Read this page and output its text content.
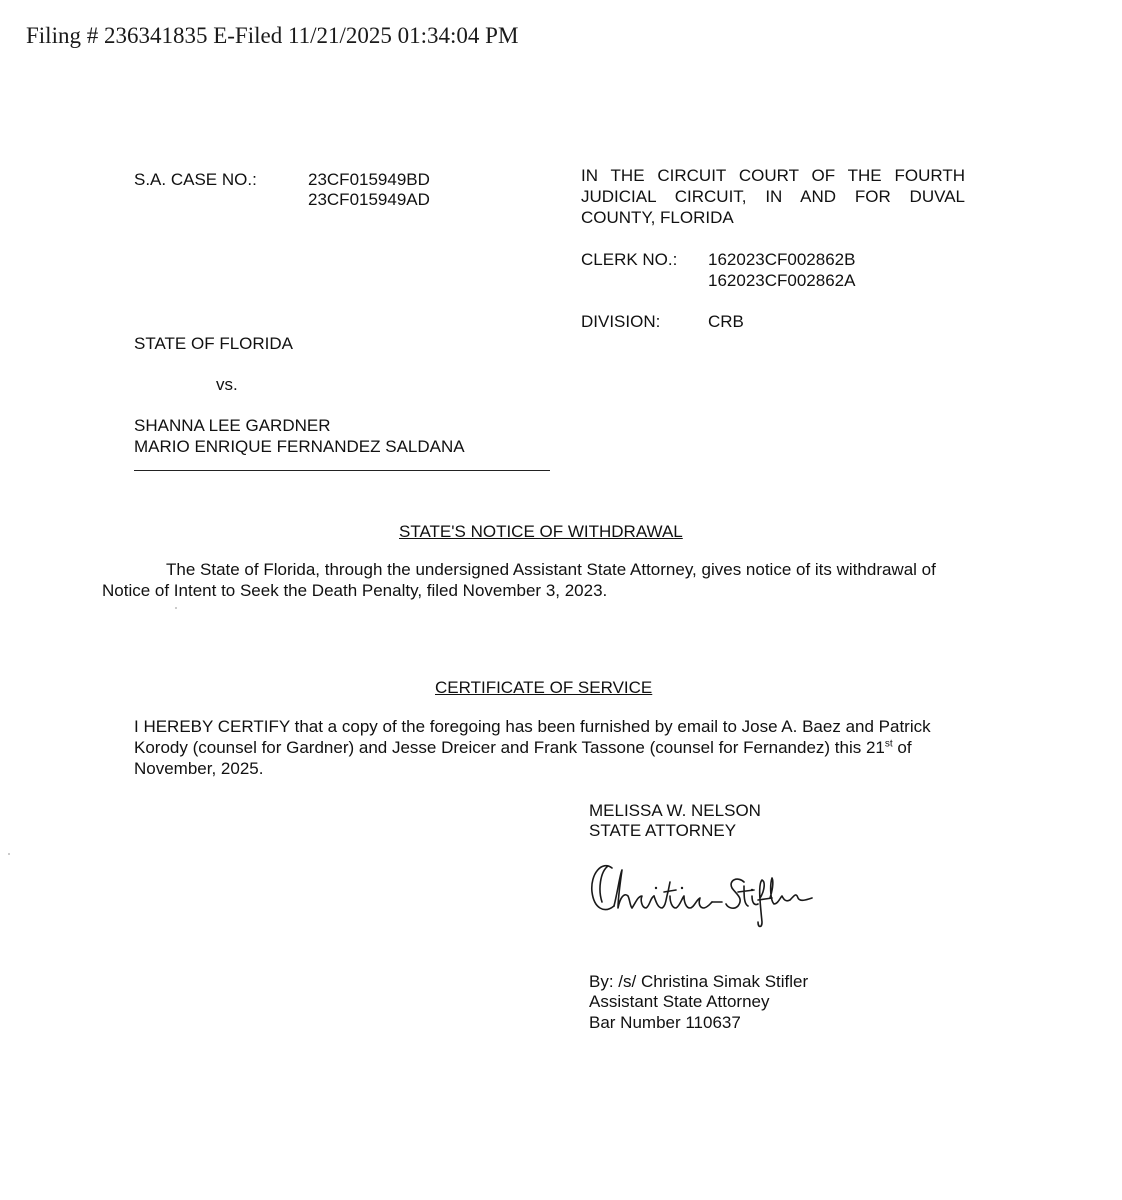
Filing # 236341835 E-Filed 11/21/2025 01:34:04 PM
S.A. CASE NO.:	23CF015949BD
23CF015949AD
IN THE CIRCUIT COURT OF THE FOURTH JUDICIAL CIRCUIT, IN AND FOR DUVAL COUNTY, FLORIDA
CLERK NO.: 162023CF002862B
162023CF002862A
DIVISION:	CRB
STATE OF FLORIDA
vs.
SHANNA LEE GARDNER
MARIO ENRIQUE FERNANDEZ SALDANA
STATE'S NOTICE OF WITHDRAWAL
The State of Florida, through the undersigned Assistant State Attorney, gives notice of its withdrawal of Notice of Intent to Seek the Death Penalty, filed November 3, 2023.
CERTIFICATE OF SERVICE
I HEREBY CERTIFY that a copy of the foregoing has been furnished by email to Jose A. Baez and Patrick Korody (counsel for Gardner) and Jesse Dreicer and Frank Tassone (counsel for Fernandez) this 21st of November, 2025.
MELISSA W. NELSON
STATE ATTORNEY
By: /s/ Christina Simak Stifler
Assistant State Attorney
Bar Number 110637
